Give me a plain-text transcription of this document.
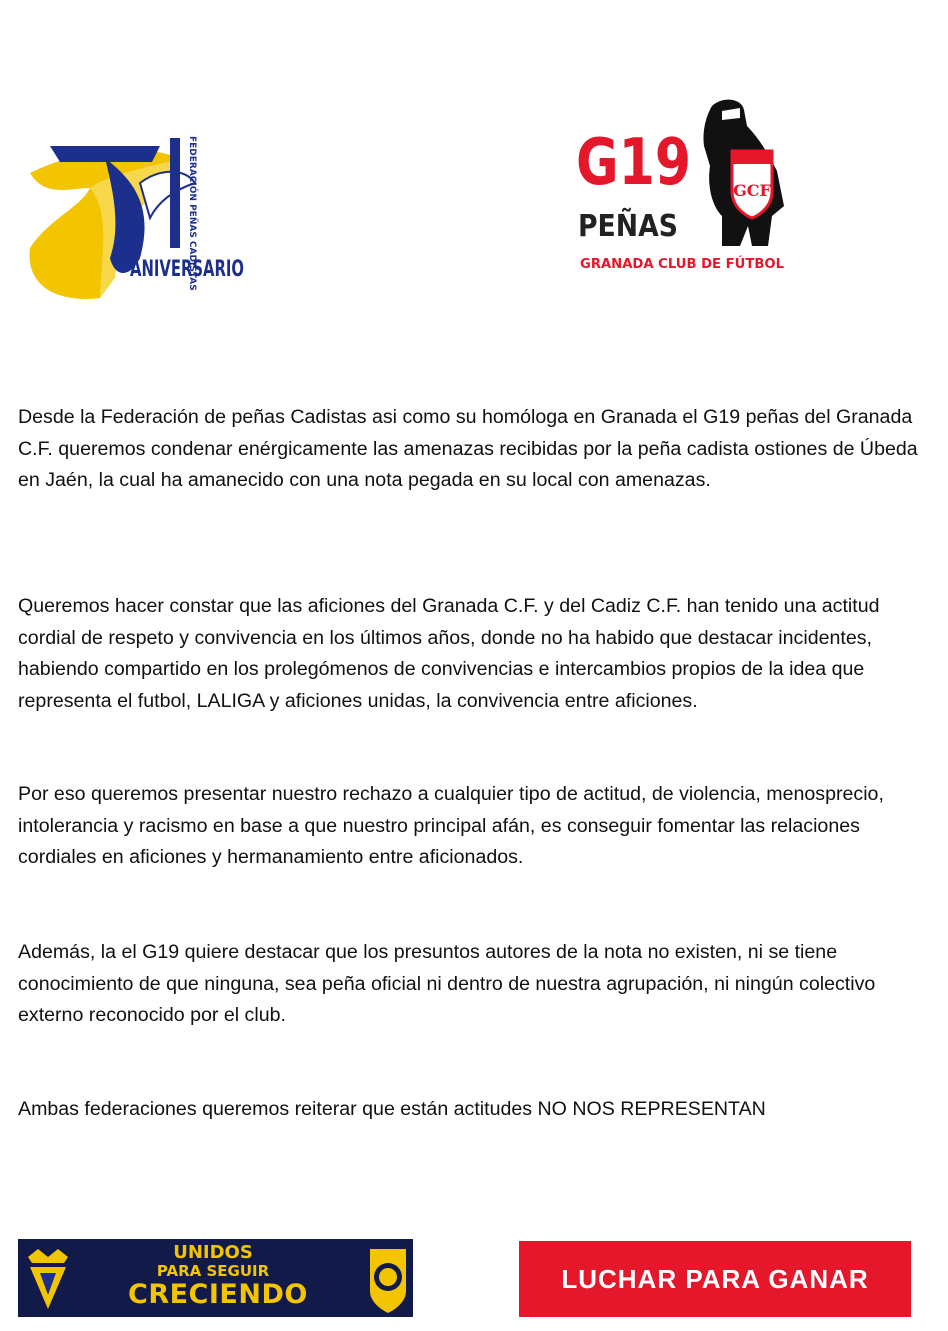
FEDERACIÓN PEÑAS CADISTAS
ANIVERSARIO
GCF
G19
PEÑAS
GRANADA CLUB DE FÚTBOL

Desde la Federación de peñas Cadistas asi como su homóloga en Granada el G19 peñas del Granada C.F. queremos condenar enérgicamente las amenazas recibidas por la peña cadista ostiones de Úbeda en Jaén, la cual ha amanecido con una nota pegada en su local con amenazas.

Queremos hacer constar que las aficiones del Granada C.F. y del Cadiz C.F. han tenido una actitud cordial de respeto y convivencia en los últimos años, donde no ha habido que destacar incidentes, habiendo compartido en los prolegómenos de convivencias e intercambios propios de la idea que representa el futbol, LALIGA y aficiones unidas, la convivencia entre aficiones.

Por eso queremos presentar nuestro rechazo a cualquier tipo de actitud, de violencia, menosprecio, intolerancia y racismo en base a que nuestro principal afán, es conseguir fomentar las relaciones cordiales en aficiones y hermanamiento entre aficionados.

Además, la el G19 quiere destacar que los presuntos autores de la nota no existen, ni se tiene conocimiento de que ninguna, sea peña oficial ni dentro de nuestra agrupación, ni ningún colectivo externo reconocido por el club.

Ambas federaciones queremos reiterar que están actitudes NO NOS REPRESENTAN

UNIDOS
PARA SEGUIR
CRECIENDO
LUCHAR PARA GANAR
